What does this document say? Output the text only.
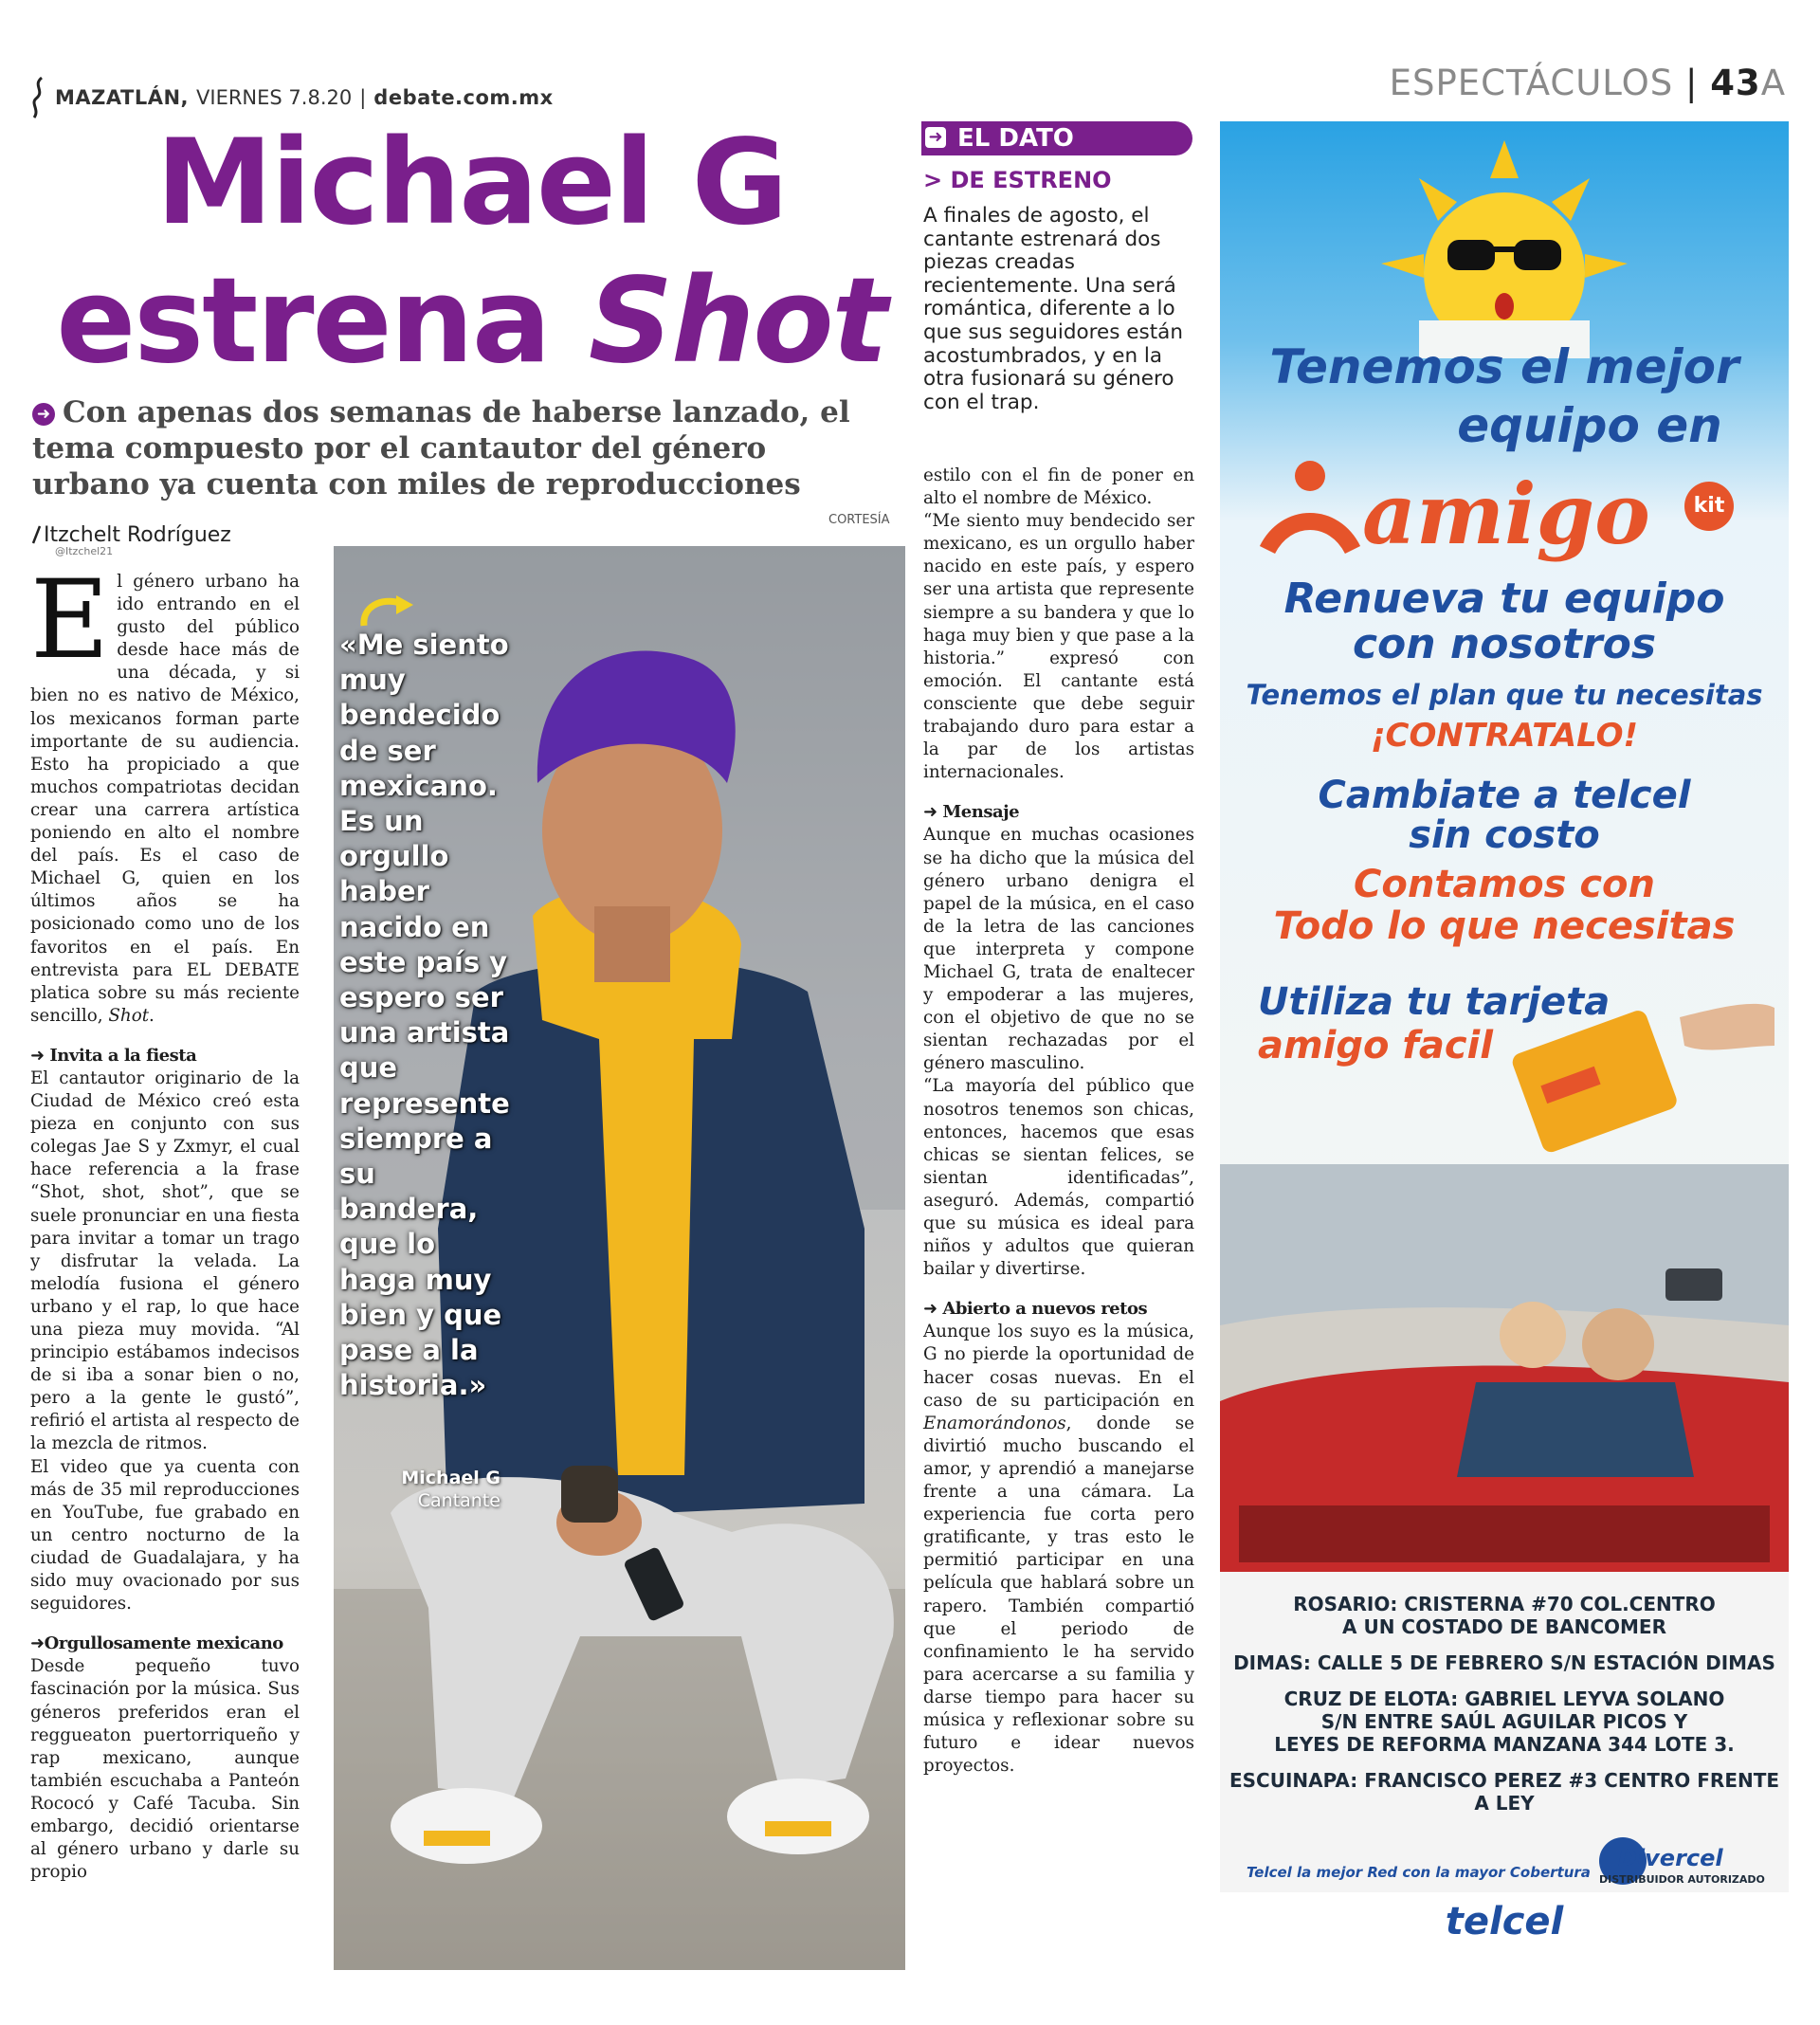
MAZATLÁN, VIERNES 7.8.20 | debate.com.mx	ESPECTÁCULOS | 43A
Michael G
estrena Shot
➜ Con apenas dos semanas de haberse lanzado, el tema compuesto por el cantautor del género urbano ya cuenta con miles de reproducciones
CORTESÍA
Itzchelt Rodríguez
@Itzchel21

El género urbano ha ido entrando en el gusto del público desde hace más de una década, y si bien no es nativo de México, los mexicanos forman parte importante de su audiencia. Esto ha propiciado a que muchos compatriotas decidan crear una carrera artística poniendo en alto el nombre del país. Es el caso de Michael G, quien en los últimos años se ha posicionado como uno de los favoritos en el país. En entrevista para EL DEBATE platica sobre su más reciente sencillo, Shot.

➜ Invita a la fiesta

El cantautor originario de la Ciudad de México creó esta pieza en conjunto con sus colegas Jae S y Zxmyr, el cual hace referencia a la frase “Shot, shot, shot”, que se suele pronunciar en una fiesta para invitar a tomar un trago y disfrutar la velada. La melodía fusiona el género urbano y el rap, lo que hace una pieza muy movida. “Al principio estábamos indecisos de si iba a sonar bien o no, pero a la gente le gustó”, refirió el artista al respecto de la mezcla de ritmos.

El video que ya cuenta con más de 35 mil reproducciones en YouTube, fue grabado en un centro nocturno de la ciudad de Guadalajara, y ha sido muy ovacionado por sus seguidores.

➜Orgullosamente mexicano

Desde pequeño tuvo fascinación por la música. Sus géneros preferidos eran el reggueaton puertorriqueño y rap mexicano, aunque también escuchaba a Panteón Rococó y Café Tacuba. Sin embargo, decidió orientarse al género urbano y darle su propio

«Me siento muy bendecido de ser mexicano. Es un orgullo haber nacido en este país y espero ser una artista que represente siempre a su bandera, que lo haga muy bien y que pase a la historia.»
Michael G
Cantante
➜ EL DATO
> DE ESTRENO
A finales de agosto, el cantante estrenará dos piezas creadas recientemente. Una será romántica, diferente a lo que sus seguidores están acostumbrados, y en la otra fusionará su género con el trap.

estilo con el fin de poner en alto el nombre de México.

“Me siento muy bendecido ser mexicano, es un orgullo haber nacido en este país, y espero ser una artista que represente siempre a su bandera y que lo haga muy bien y que pase a la historia.” expresó con emoción. El cantante está consciente que debe seguir trabajando duro para estar a la par de los artistas internacionales.

➜ Mensaje

Aunque en muchas ocasiones se ha dicho que la música del género urbano denigra el papel de la música, en el caso de la letra de las canciones que interpreta y compone Michael G, trata de enaltecer y empoderar a las mujeres, con el objetivo de que no se sientan rechazadas por el género masculino.

“La mayoría del público que nosotros tenemos son chicas, entonces, hacemos que esas chicas se sientan felices, se sientan identificadas”, aseguró. Además, compartió que su música es ideal para niños y adultos que quieran bailar y divertirse.

➜ Abierto a nuevos retos

Aunque los suyo es la música, G no pierde la oportunidad de hacer cosas nuevas. En el caso de su participación en Enamorándonos, donde se divirtió mucho buscando el amor, y aprendió a manejarse frente a una cámara. La experiencia fue corta pero gratificante, y tras esto le permitió participar en una película que hablará sobre un rapero. También compartió que el periodo de confinamiento le ha servido para acercarse a su familia y darse tiempo para hacer su música y reflexionar sobre su futuro e idear nuevos proyectos.

Tenemos el mejor
equipo en
amigo	kit
Renueva tu equipo
con nosotros
Tenemos el plan que tu necesitas
¡CONTRATALO!
Cambiate a telcel
sin costo
Contamos con
Todo lo que necesitas
Utiliza tu tarjeta
amigo facil
ROSARIO: CRISTERNA #70 COL.CENTRO
A UN COSTADO DE BANCOMER
DIMAS: CALLE 5 DE FEBRERO S/N ESTACIÓN DIMAS
CRUZ DE ELOTA: GABRIEL LEYVA SOLANO
S/N ENTRE SAÚL AGUILAR PICOS Y
LEYES DE REFORMA MANZANA 344 LOTE 3.
ESCUINAPA: FRANCISCO PEREZ #3 CENTRO FRENTE A LEY
Telcel la mejor Red con la mayor Cobertura
Divercel
DISTRIBUIDOR AUTORIZADO
telcel
